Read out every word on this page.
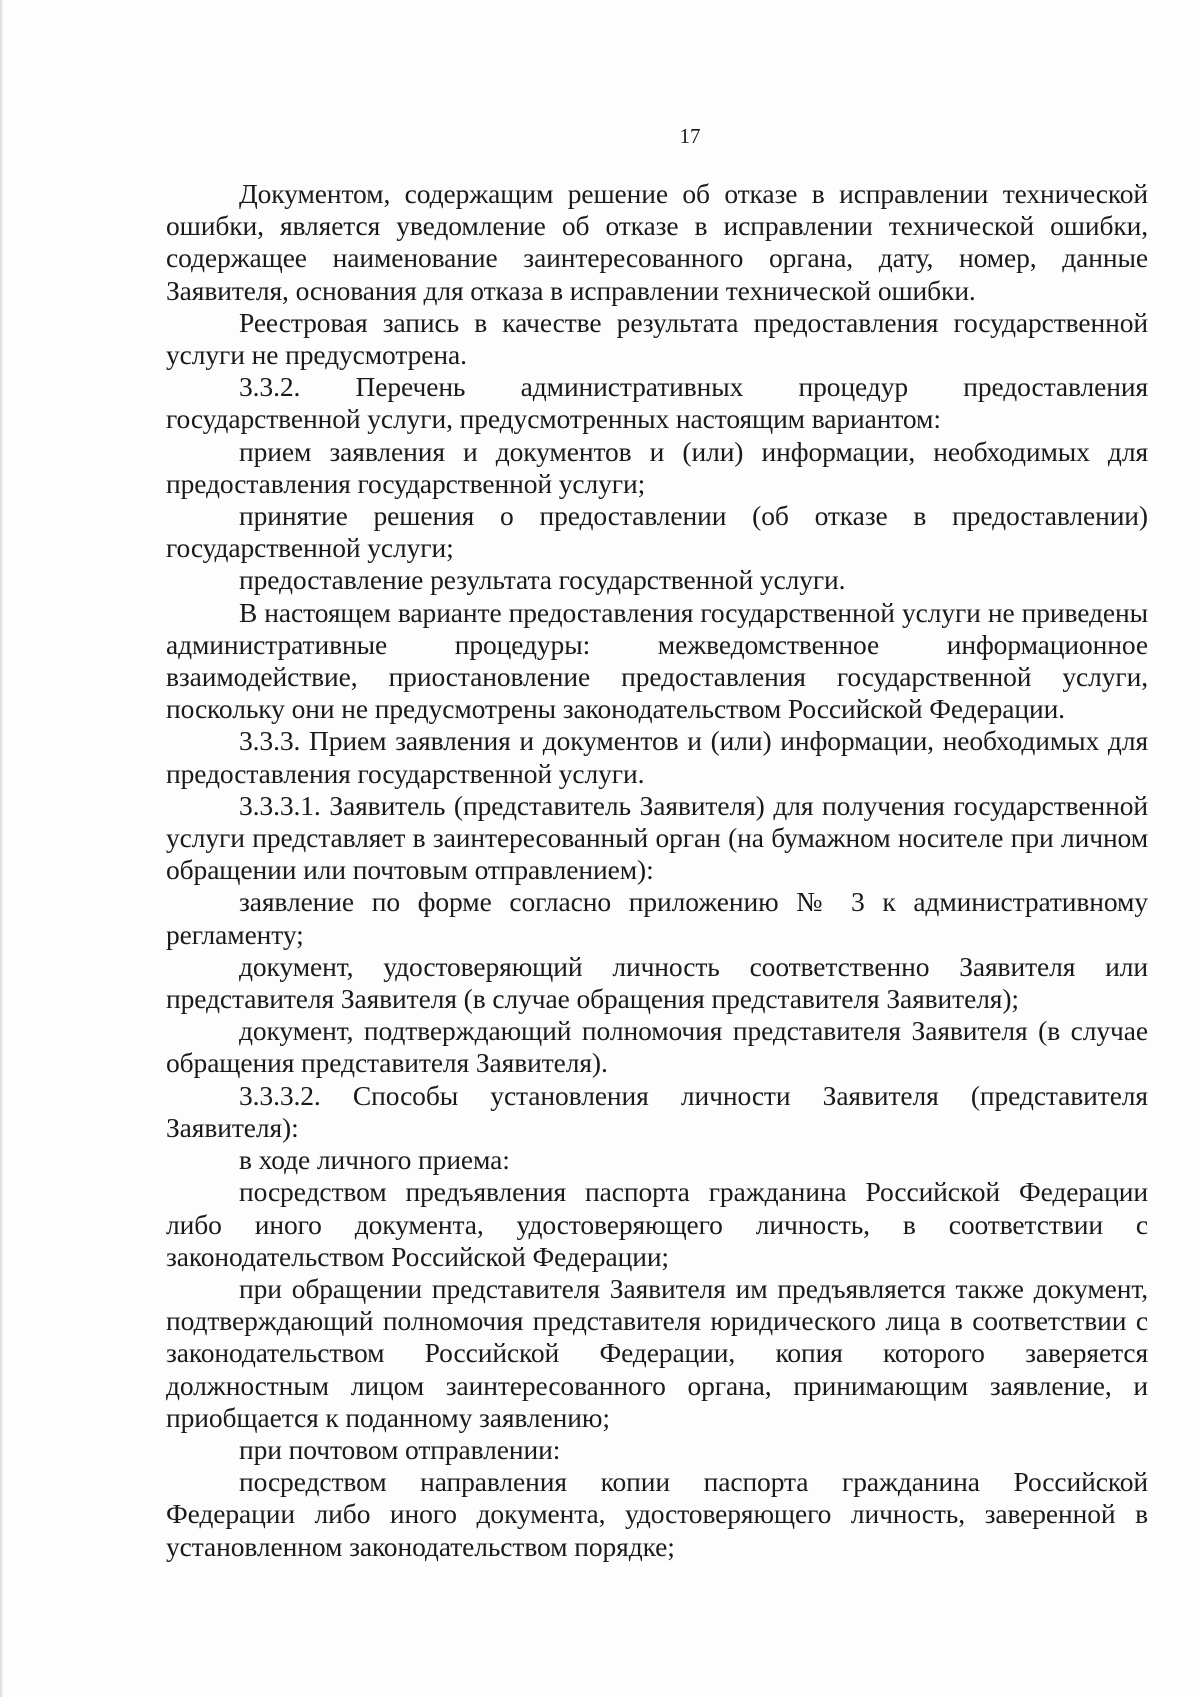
17

Документом, содержащим решение об отказе в исправлении технической ошибки, является уведомление об отказе в исправлении технической ошибки, содержащее наименование заинтересованного органа, дату, номер, данные Заявителя, основания для отказа в исправлении технической ошибки.

Реестровая запись в качестве результата предоставления государственной услуги не предусмотрена.

3.3.2. Перечень административных процедур предоставления государственной услуги, предусмотренных настоящим вариантом:

прием заявления и документов и (или) информации, необходимых для предоставления государственной услуги;

принятие решения о предоставлении (об отказе в предоставлении) государственной услуги;

предоставление результата государственной услуги.

В настоящем варианте предоставления государственной услуги не приведены административные процедуры: межведомственное информационное взаимодействие, приостановление предоставления государственной услуги, поскольку они не предусмотрены законодательством Российской Федерации.

3.3.3. Прием заявления и документов и (или) информации, необходимых для предоставления государственной услуги.

3.3.3.1. Заявитель (представитель Заявителя) для получения государственной услуги представляет в заинтересованный орган (на бумажном носителе при личном обращении или почтовым отправлением):

заявление по форме согласно приложению № 3 к административному регламенту;

документ, удостоверяющий личность соответственно Заявителя или представителя Заявителя (в случае обращения представителя Заявителя);

документ, подтверждающий полномочия представителя Заявителя (в случае обращения представителя Заявителя).

3.3.3.2. Способы установления личности Заявителя (представителя Заявителя):

в ходе личного приема:

посредством предъявления паспорта гражданина Российской Федерации либо иного документа, удостоверяющего личность, в соответствии с законодательством Российской Федерации;

при обращении представителя Заявителя им предъявляется также документ, подтверждающий полномочия представителя юридического лица в соответствии с законодательством Российской Федерации, копия которого заверяется должностным лицом заинтересованного органа, принимающим заявление, и приобщается к поданному заявлению;

при почтовом отправлении:

посредством направления копии паспорта гражданина Российской Федерации либо иного документа, удостоверяющего личность, заверенной в установленном законодательством порядке;
